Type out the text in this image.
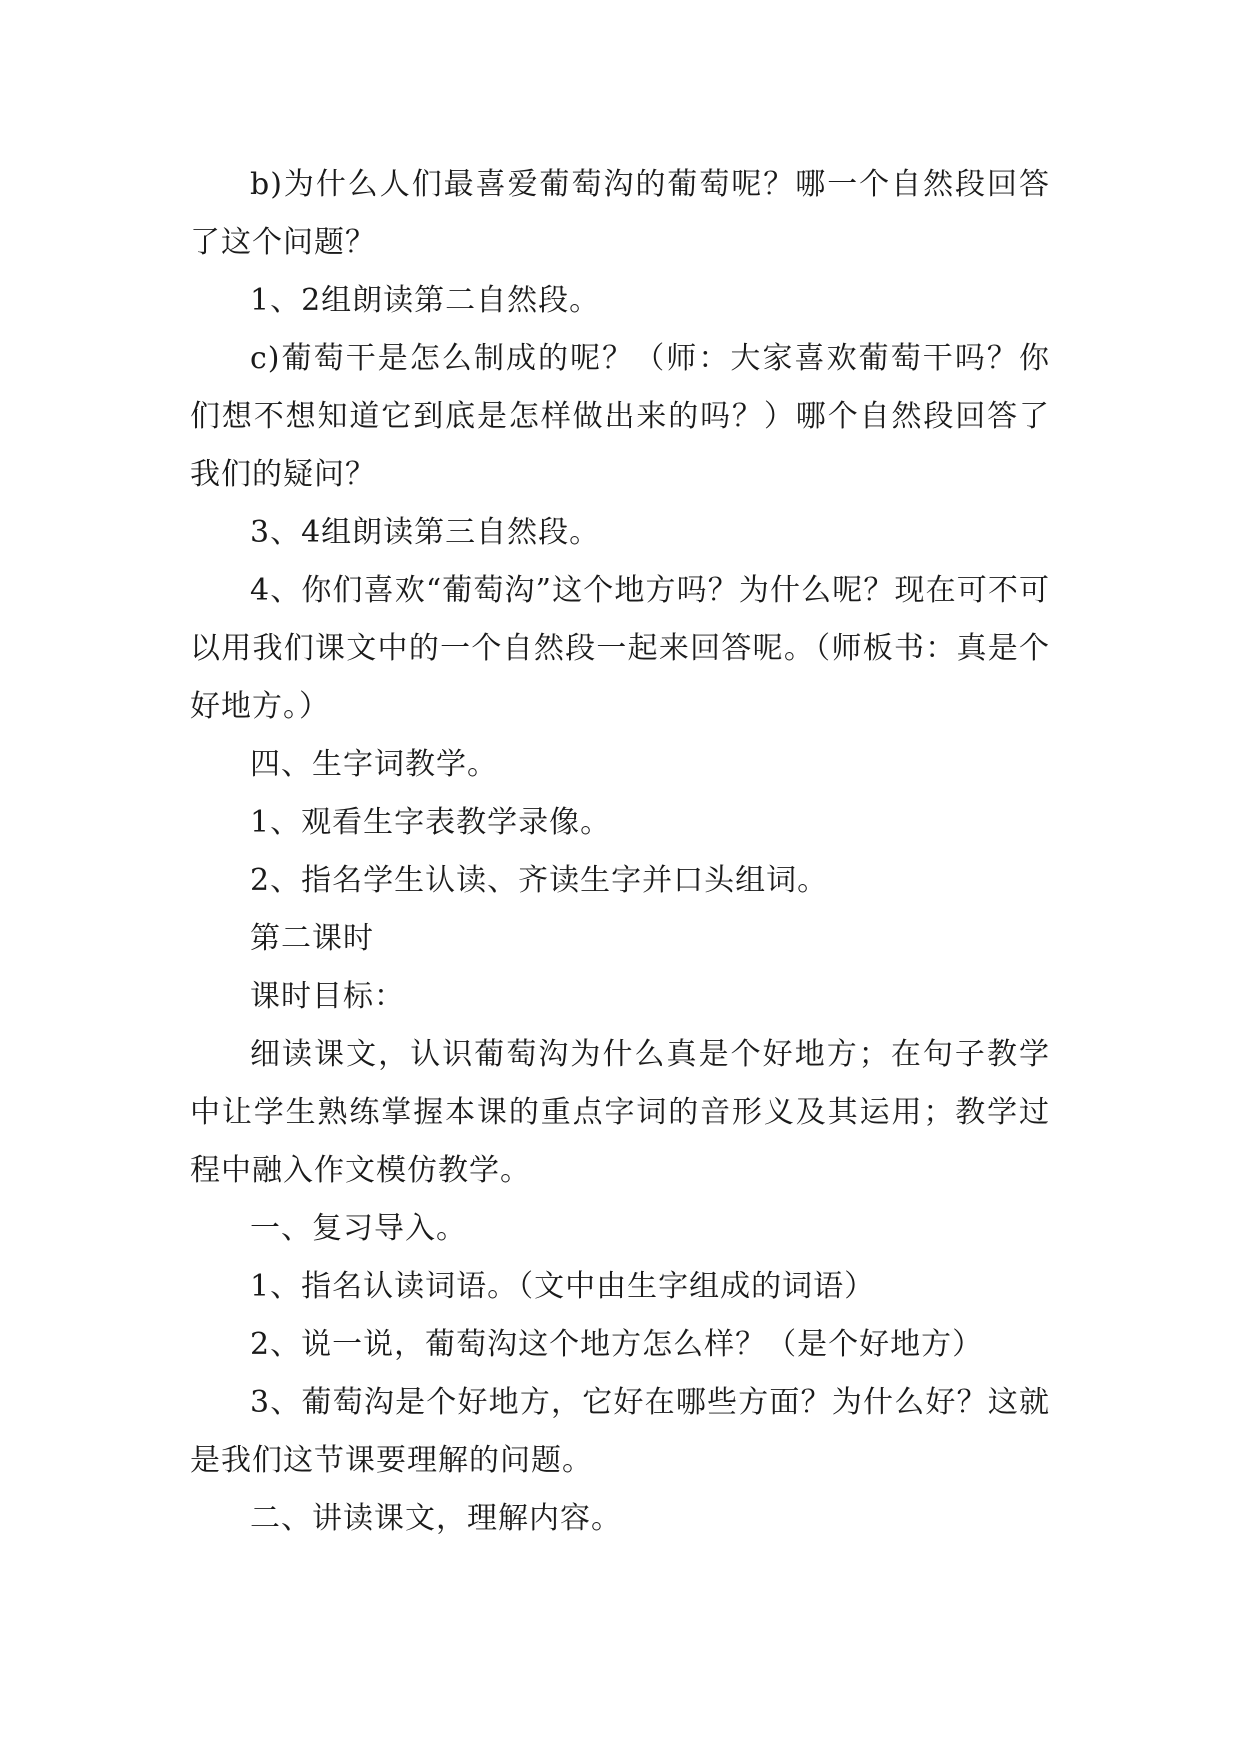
b)为什么人们最喜爱葡萄沟的葡萄呢？哪一个自然段回答了这个问题？

1、2组朗读第二自然段。

c)葡萄干是怎么制成的呢？（师：大家喜欢葡萄干吗？你们想不想知道它到底是怎样做出来的吗？）哪个自然段回答了我们的疑问？

3、4组朗读第三自然段。

4、你们喜欢“葡萄沟”这个地方吗？为什么呢？现在可不可以用我们课文中的一个自然段一起来回答呢。（师板书：真是个好地方。）

四、生字词教学。

1、观看生字表教学录像。

2、指名学生认读、齐读生字并口头组词。

第二课时

课时目标：

细读课文，认识葡萄沟为什么真是个好地方；在句子教学中让学生熟练掌握本课的重点字词的音形义及其运用；教学过程中融入作文模仿教学。

一、复习导入。

1、指名认读词语。（文中由生字组成的词语）

2、说一说，葡萄沟这个地方怎么样？（是个好地方）

3、葡萄沟是个好地方，它好在哪些方面？为什么好？这就是我们这节课要理解的问题。

二、讲读课文，理解内容。
